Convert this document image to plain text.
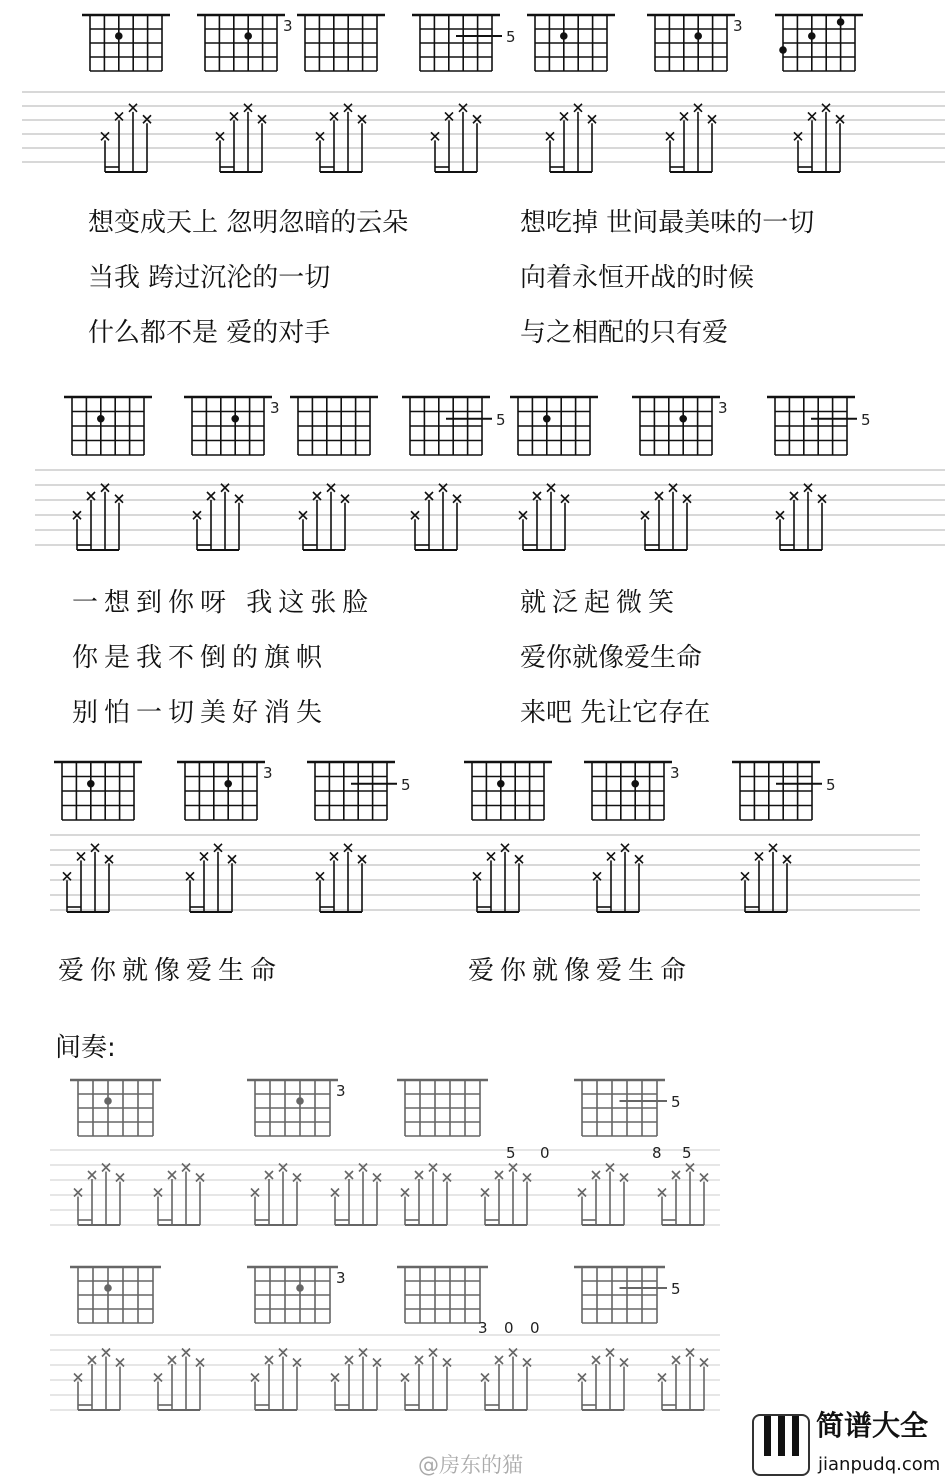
3
5
3
3
5
3
5
3
5
3
5
3
5
5 0	8 5
3
5
3 0 0
想变成天上 忽明忽暗的云朵
当我 跨过沉沦的一切
什么都不是 爱的对手
想吃掉 世间最美味的一切
向着永恒开战的时候
与之相配的只有爱
一想到你呀 我这张脸
你是我不倒的旗帜
别怕一切美好消失
就泛起微笑
爱你就像爱生命
来吧 先让它存在
爱你就像爱生命	爱你就像爱生命
间奏:
@房东的猫
简谱大全
jianpudq.com
